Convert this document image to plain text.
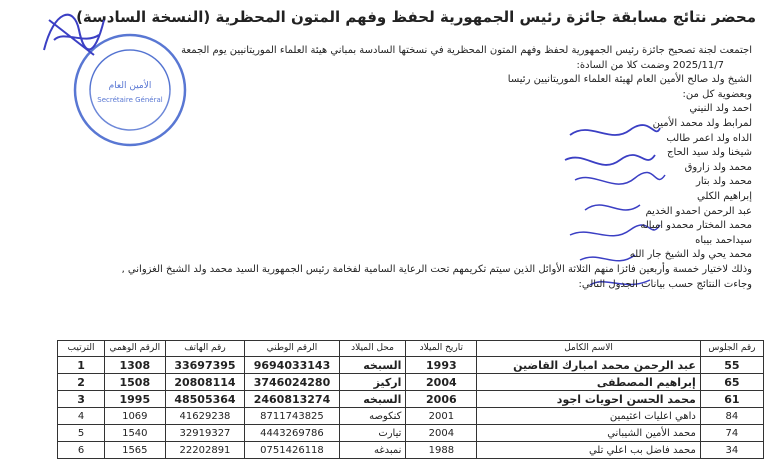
محضر نتائج مسابقة جائزة رئيس الجمهورية لحفظ وفهم المتون المحظرية (النسخة السادسة)
الأمين العام
Secrétaire Général
اجتمعت لجنة تصحيح جائزة رئيس الجمهورية لحفظ وفهم المتون المحظرية في نسختها السادسة بمباني هيئة العلماء الموريتانيين يوم الجمعة
2025/11/7 وضمت كلا من السادة:
الشيخ ولد صالح الأمين العام لهيئة العلماء الموريتانيين رئيسا
وبعضوية كل من:
احمد ولد النيني
لمرابط ولد محمد الأمين
الداه ولد اعمر طالب
شيخنا ولد سيد الحاج
محمد ولد زاروق
محمد ولد بتار
إبراهيم الكلي
عبد الرحمن احمدو الخديم
محمد المختار محمدو امباله
سيداحمد بيباه
محمد يحي ولد الشيخ جار الله
وذلك لاختيار خمسة وأربعين فائزا منهم الثلاثة الأوائل الذين سيتم تكريمهم تحت الرعاية السامية لفخامة رئيس الجمهورية السيد محمد ولد الشيخ الغزواني ,
وجاءت النتائج حسب بيانات الجدول التالي:
رقم الجلوس	الاسم الكامل	تاريخ الميلاد	محل الميلاد	الرقم الوطني	رقم الهاتف	الرقم الوهمي	الترتيب
55	عبد الرحمن محمد امبارك القاضين	1993	السبخه	9694033143	33697395	1308	1
65	إبراهيم المصطفى	2004	اركيز	3746024280	20808114	1508	2
61	محمد الحسن احويات اجود	2006	السبخه	2460813274	48505364	1995	3
84	داهي اعليات اعثيمين	2001	كنكوصه	8711743825	41629238	1069	4
74	محمد الأمين الشيباني	2004	تيارت	4443269786	32919327	1540	5
34	محمد فاضل بب اعلي تلي	1988	نمبدغه	0751426118	22202891	1565	6
